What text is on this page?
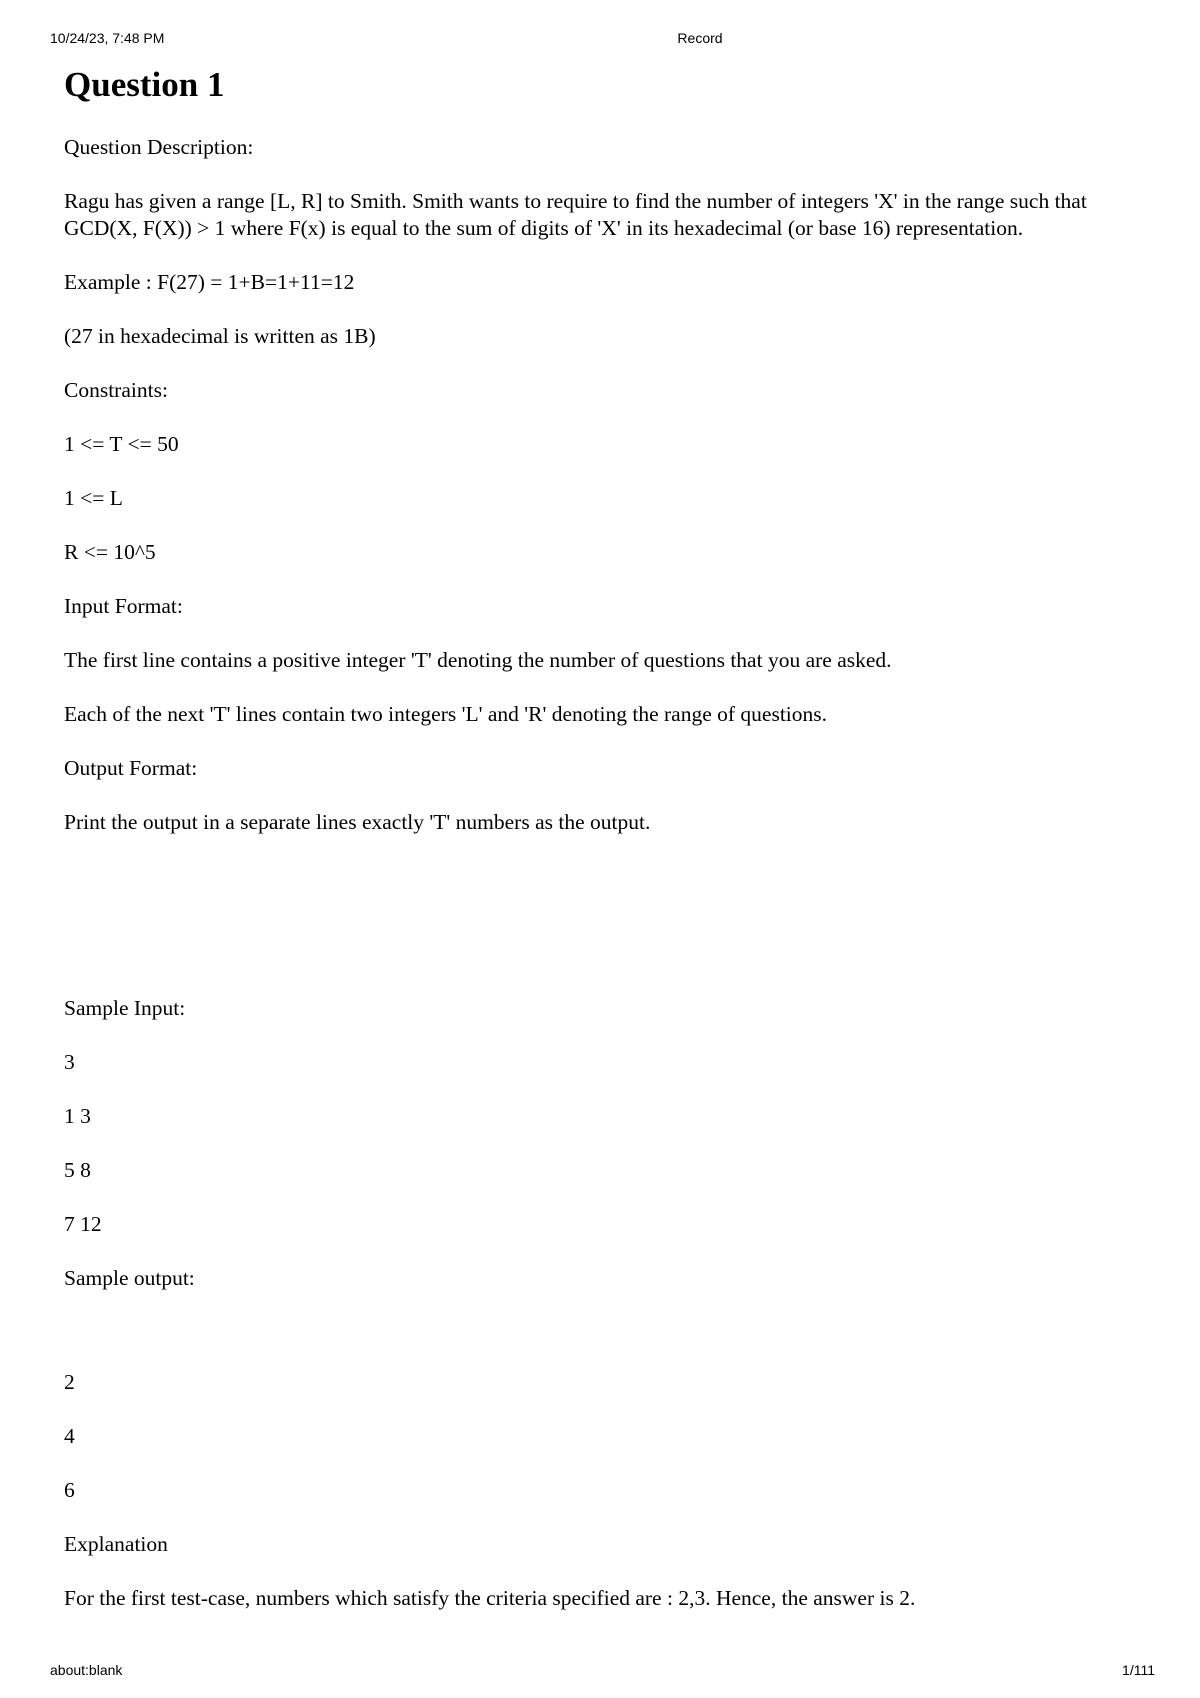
10/24/23, 7:48 PM	Record
Question 1

Question Description:

Ragu has given a range [L, R] to Smith. Smith wants to require to find the number of integers 'X' in the range such that GCD(X, F(X)) > 1 where F(x) is equal to the sum of digits of 'X' in its hexadecimal (or base 16) representation.

Example : F(27) = 1+B=1+11=12

(27 in hexadecimal is written as 1B)

Constraints:

1 <= T <= 50

1 <= L

R <= 10^5

Input Format:

The first line contains a positive integer 'T' denoting the number of questions that you are asked.

Each of the next 'T' lines contain two integers 'L' and 'R' denoting the range of questions.

Output Format:

Print the output in a separate lines exactly 'T' numbers as the output.

Sample Input:

3

1 3

5 8

7 12

Sample output:

2

4

6

Explanation

For the first test-case, numbers which satisfy the criteria specified are : 2,3. Hence, the answer is 2.

about:blank	1/111
